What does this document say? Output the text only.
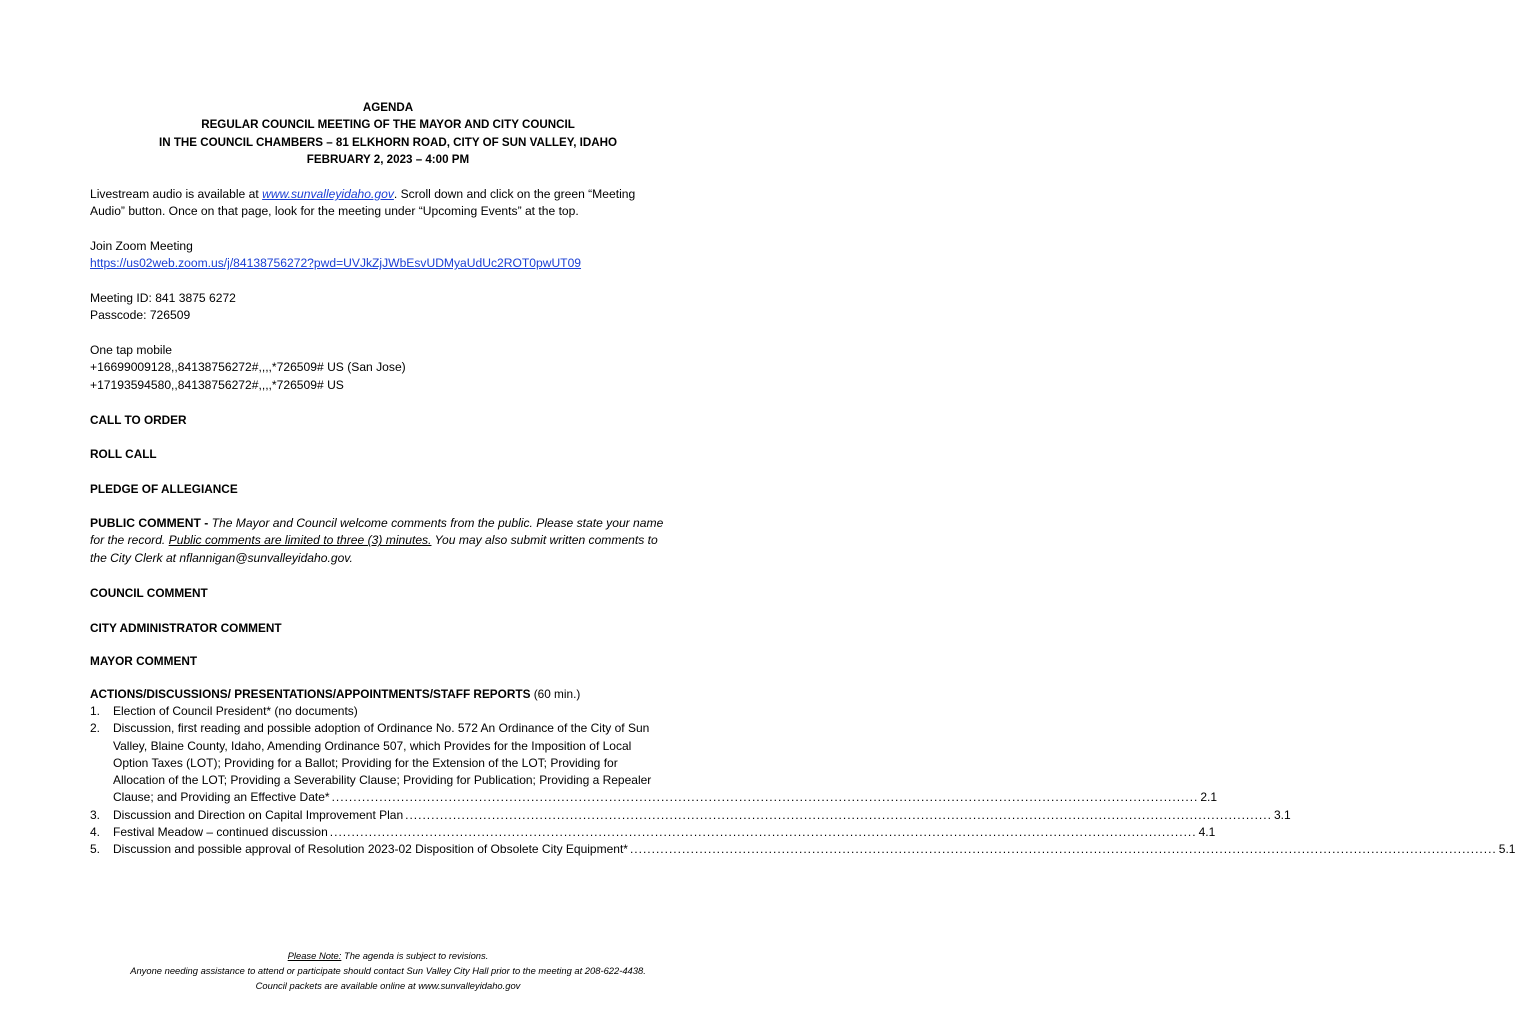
AGENDA
REGULAR COUNCIL MEETING OF THE MAYOR AND CITY COUNCIL
IN THE COUNCIL CHAMBERS – 81 ELKHORN ROAD, CITY OF SUN VALLEY, IDAHO
FEBRUARY 2, 2023 – 4:00 PM
Livestream audio is available at www.sunvalleyidaho.gov. Scroll down and click on the green “Meeting
Audio” button. Once on that page, look for the meeting under “Upcoming Events” at the top.
Join Zoom Meeting
https://us02web.zoom.us/j/84138756272?pwd=UVJkZjJWbEsvUDMyaUdUc2ROT0pwUT09
Meeting ID: 841 3875 6272
Passcode: 726509
One tap mobile
+16699009128,,84138756272#,,,,*726509# US (San Jose)
+17193594580,,84138756272#,,,,*726509# US
CALL TO ORDER
ROLL CALL
PLEDGE OF ALLEGIANCE
PUBLIC COMMENT - The Mayor and Council welcome comments from the public. Please state your name
for the record. Public comments are limited to three (3) minutes. You may also submit written comments to
the City Clerk at nflannigan@sunvalleyidaho.gov.
COUNCIL COMMENT
CITY ADMINISTRATOR COMMENT
MAYOR COMMENT
ACTIONS/DISCUSSIONS/ PRESENTATIONS/APPOINTMENTS/STAFF REPORTS (60 min.)
1. Election of Council President* (no documents)
2. Discussion, first reading and possible adoption of Ordinance No. 572 An Ordinance of the City of Sun
Valley, Blaine County, Idaho, Amending Ordinance 507, which Provides for the Imposition of Local
Option Taxes (LOT); Providing for a Ballot; Providing for the Extension of the LOT; Providing for
Allocation of the LOT; Providing a Severability Clause; Providing for Publication; Providing a Repealer
Clause; and Providing an Effective Date* ........................................................................................................................................................................................................ 2.1
3. Discussion and Direction on Capital Improvement Plan ........................................................................................................................................................................................................ 3.1
4. Festival Meadow – continued discussion ........................................................................................................................................................................................................ 4.1
5. Discussion and possible approval of Resolution 2023-02 Disposition of Obsolete City Equipment* ........................................................................................................................................................................................................ 5.1
Please Note: The agenda is subject to revisions.
Anyone needing assistance to attend or participate should contact Sun Valley City Hall prior to the meeting at 208-622-4438.
Council packets are available online at www.sunvalleyidaho.gov
